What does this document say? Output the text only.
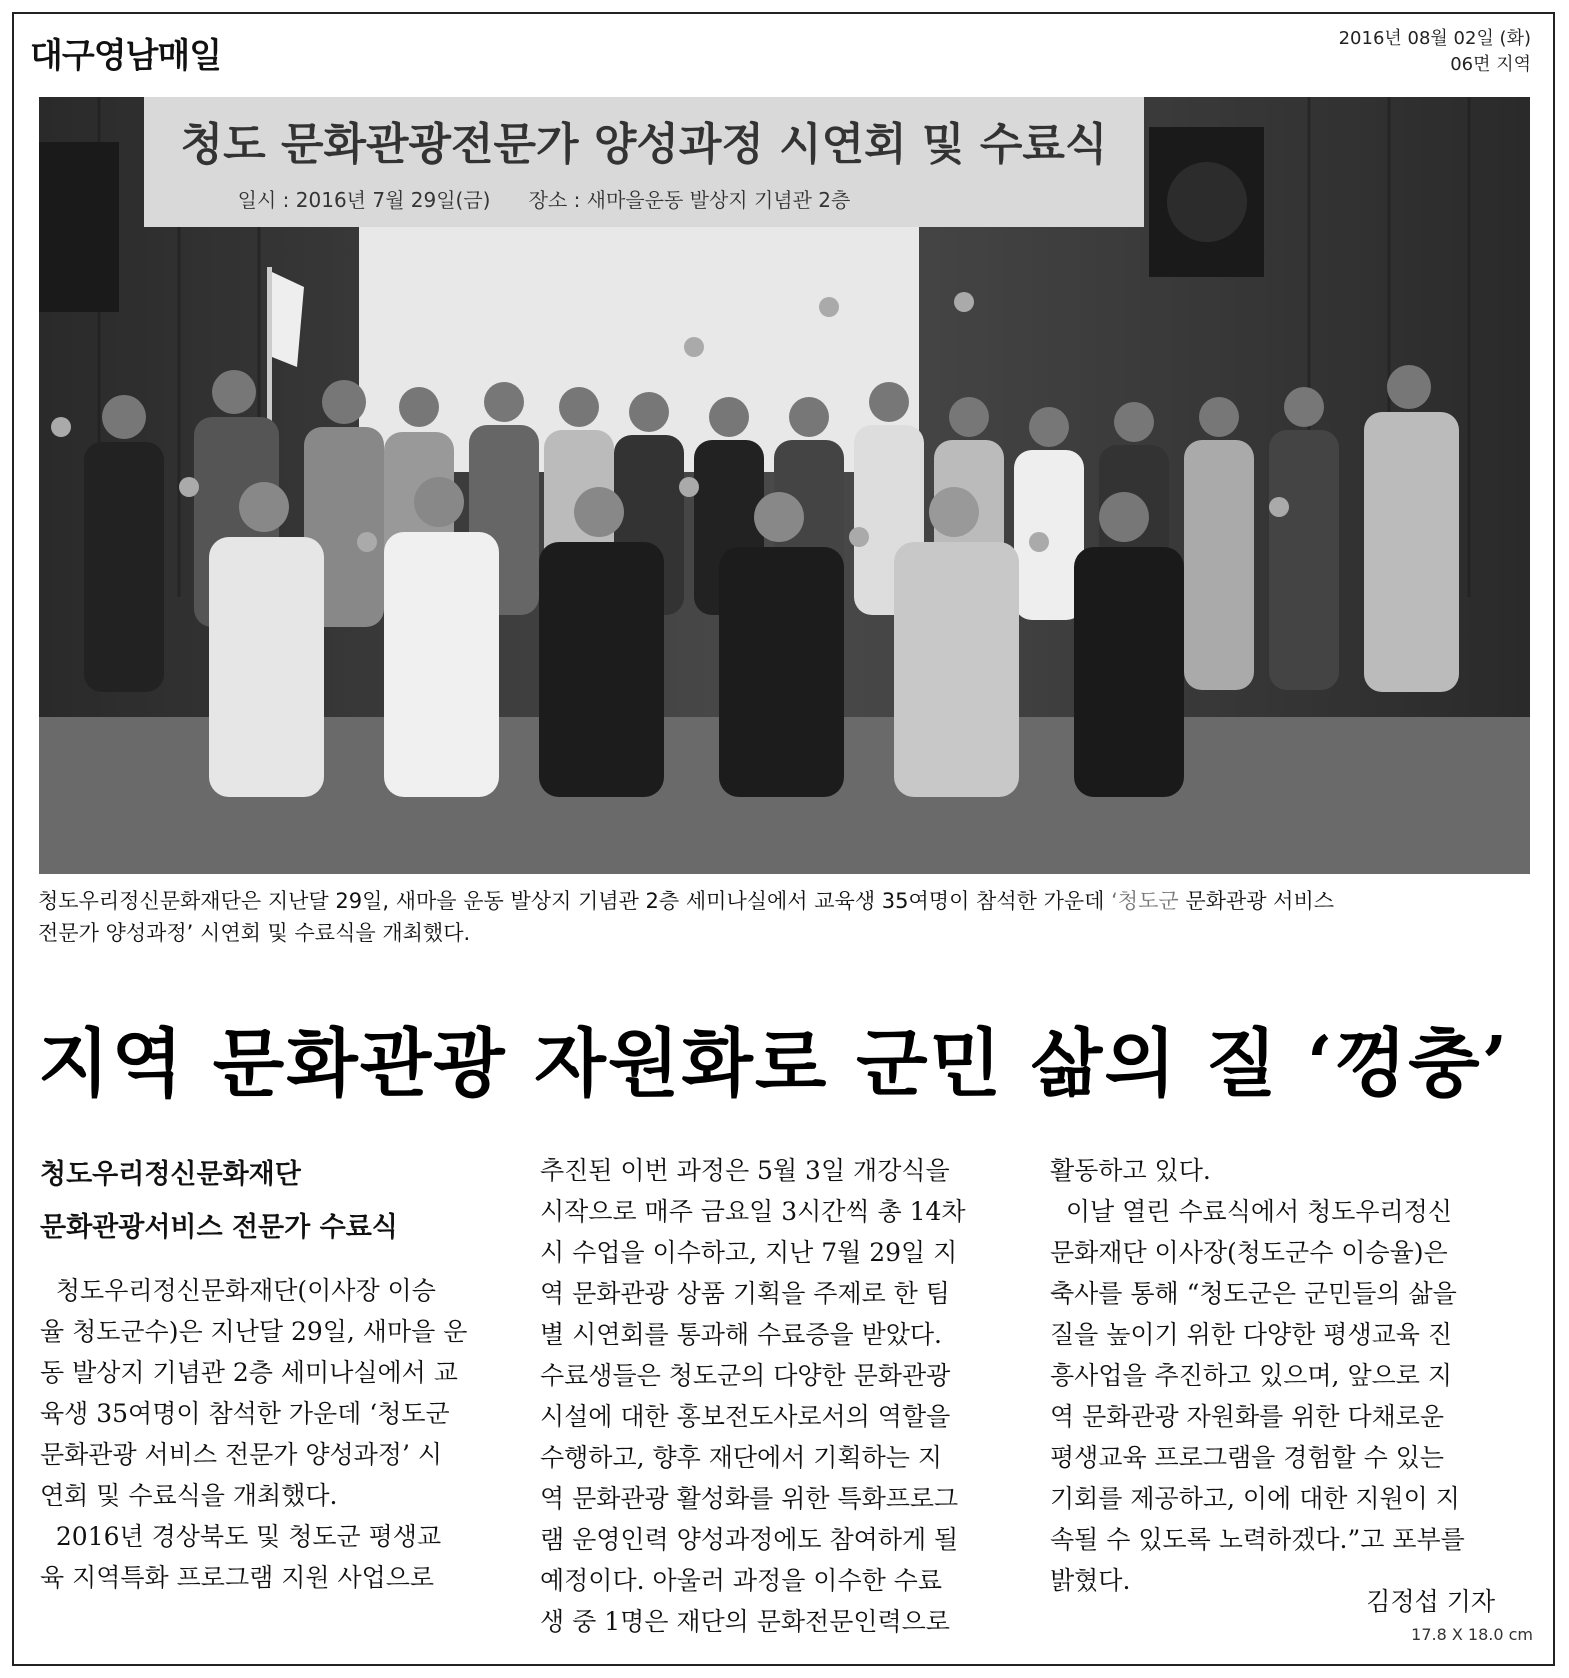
대구영남매일	2016년 08월 02일 (화)
06면 지역
청도 문화관광전문가 양성과정 시연회 및 수료식
일시 : 2016년 7월 29일(금)      장소 : 새마을운동 발상지 기념관 2층
청도우리정신문화재단은 지난달 29일, 새마을 운동 발상지 기념관 2층 세미나실에서 교육생 35여명이 참석한 가운데 ‘청도군 문화관광 서비스
전문가 양성과정’ 시연회 및 수료식을 개최했다.
지역 문화관광 자원화로 군민 삶의 질 ‘껑충’
청도우리정신문화재단
문화관광서비스 전문가 수료식
청도우리정신문화재단(이사장 이승
율 청도군수)은 지난달 29일, 새마을 운
동 발상지 기념관 2층 세미나실에서 교
육생 35여명이 참석한 가운데 ‘청도군
문화관광 서비스 전문가 양성과정’ 시
연회 및 수료식을 개최했다.
2016년 경상북도 및 청도군 평생교
육 지역특화 프로그램 지원 사업으로
추진된 이번 과정은 5월 3일 개강식을
시작으로 매주 금요일 3시간씩 총 14차
시 수업을 이수하고, 지난 7월 29일 지
역 문화관광 상품 기획을 주제로 한 팀
별 시연회를 통과해 수료증을 받았다.
수료생들은 청도군의 다양한 문화관광
시설에 대한 홍보전도사로서의 역할을
수행하고, 향후 재단에서 기획하는 지
역 문화관광 활성화를 위한 특화프로그
램 운영인력 양성과정에도 참여하게 될
예정이다. 아울러 과정을 이수한 수료
생 중 1명은 재단의 문화전문인력으로
활동하고 있다.
이날 열린 수료식에서 청도우리정신
문화재단 이사장(청도군수 이승율)은
축사를 통해 “청도군은 군민들의 삶을
질을 높이기 위한 다양한 평생교육 진
흥사업을 추진하고 있으며, 앞으로 지
역 문화관광 자원화를 위한 다채로운
평생교육 프로그램을 경험할 수 있는
기회를 제공하고, 이에 대한 지원이 지
속될 수 있도록 노력하겠다.”고 포부를
밝혔다.
김정섭 기자
17.8 X 18.0 cm
